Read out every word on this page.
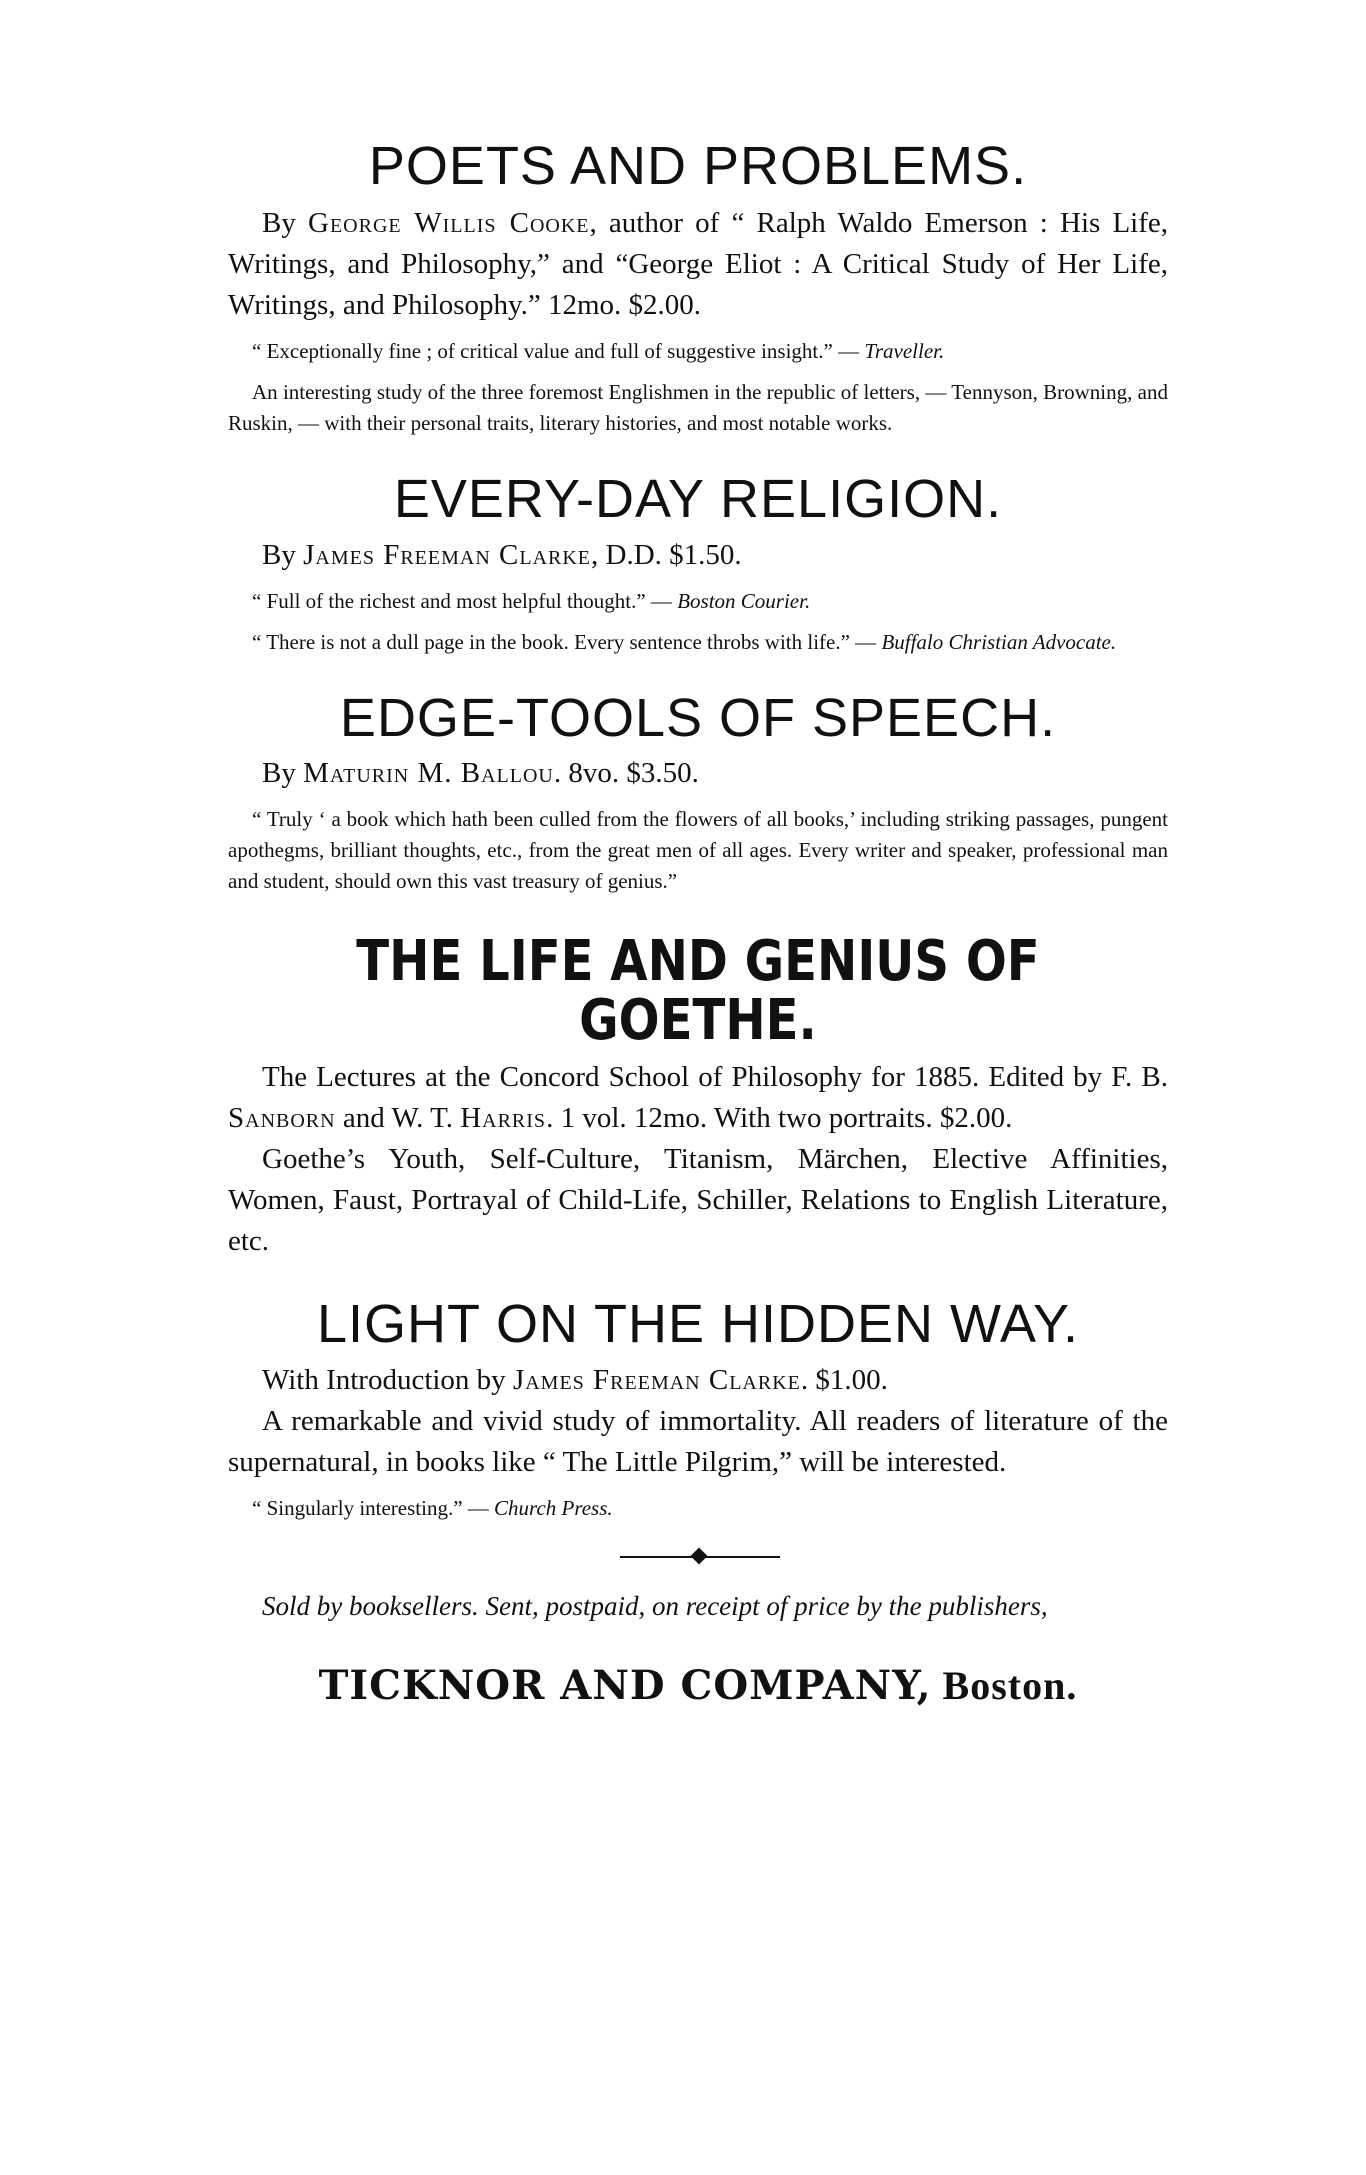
POETS AND PROBLEMS.

By George Willis Cooke, author of “ Ralph Waldo Emerson : His Life, Writings, and Philosophy,” and “George Eliot : A Critical Study of Her Life, Writings, and Philosophy.” 12mo. $2.00.

“ Exceptionally fine ; of critical value and full of suggestive insight.” — Traveller.

An interesting study of the three foremost Englishmen in the republic of letters, — Tennyson, Browning, and Ruskin, — with their personal traits, literary histories, and most notable works.

EVERY-DAY RELIGION.

By James Freeman Clarke, D.D. $1.50.

“ Full of the richest and most helpful thought.” — Boston Courier.

“ There is not a dull page in the book. Every sentence throbs with life.” — Buffalo Christian Advocate.

EDGE-TOOLS OF SPEECH.

By Maturin M. Ballou. 8vo. $3.50.

“ Truly ‘ a book which hath been culled from the flowers of all books,’ including striking passages, pungent apothegms, brilliant thoughts, etc., from the great men of all ages. Every writer and speaker, professional man and student, should own this vast treasury of genius.”

THE LIFE AND GENIUS OF GOETHE.

The Lectures at the Concord School of Philosophy for 1885. Edited by F. B. Sanborn and W. T. Harris. 1 vol. 12mo. With two portraits. $2.00.

Goethe’s Youth, Self-Culture, Titanism, Märchen, Elective Affinities, Women, Faust, Portrayal of Child-Life, Schiller, Relations to English Literature, etc.

LIGHT ON THE HIDDEN WAY.

With Introduction by James Freeman Clarke. $1.00.

A remarkable and vivid study of immortality. All readers of literature of the supernatural, in books like “ The Little Pilgrim,” will be interested.

“ Singularly interesting.” — Church Press.

Sold by booksellers. Sent, postpaid, on receipt of price by the publishers,

TICKNOR AND COMPANY, Boston.
